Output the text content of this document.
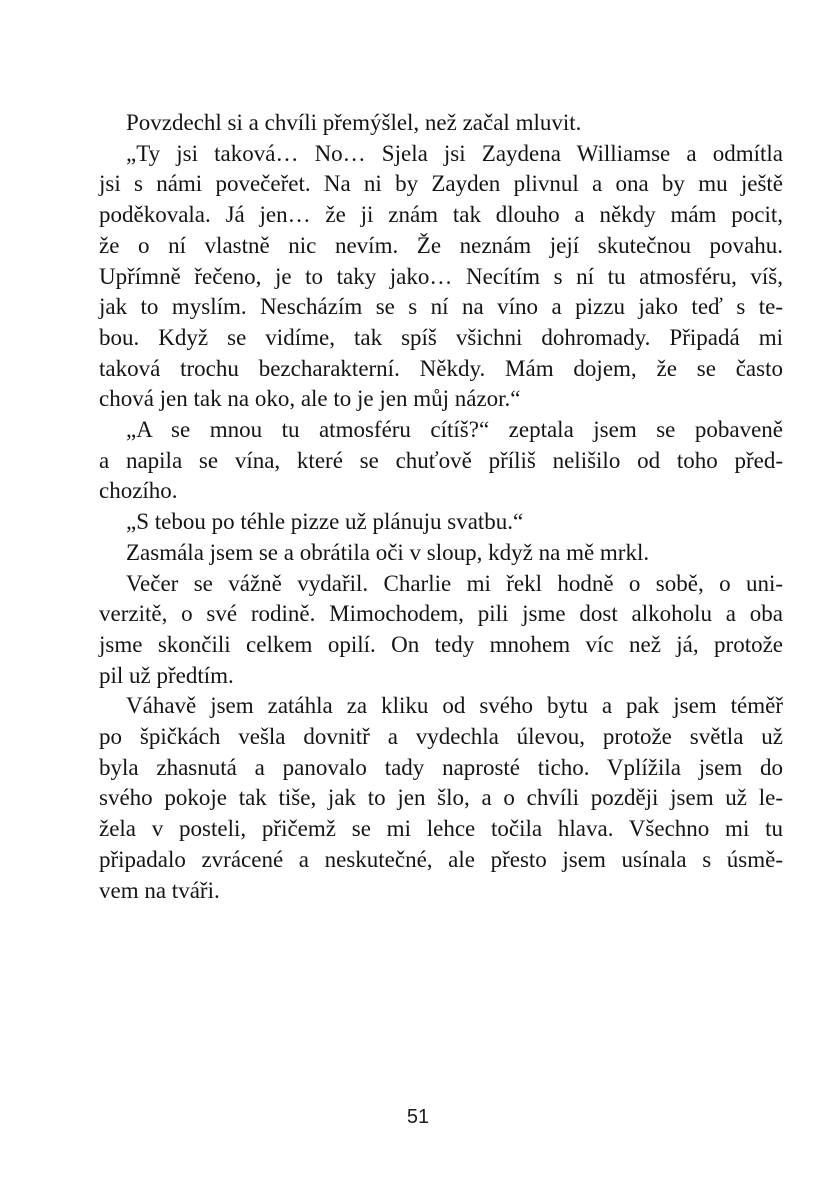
Povzdechl si a chvíli přemýšlel, než začal mluvit.
„Ty jsi taková… No… Sjela jsi Zaydena Williamse a odmítla
jsi s námi povečeřet. Na ni by Zayden plivnul a ona by mu ještě
poděkovala. Já jen… že ji znám tak dlouho a někdy mám pocit,
že o ní vlastně nic nevím. Že neznám její skutečnou povahu.
Upřímně řečeno, je to taky jako… Necítím s ní tu atmosféru, víš,
jak to myslím. Nescházím se s ní na víno a pizzu jako teď s te-
bou. Když se vidíme, tak spíš všichni dohromady. Připadá mi
taková trochu bezcharakterní. Někdy. Mám dojem, že se často
chová jen tak na oko, ale to je jen můj názor.“
„A se mnou tu atmosféru cítíš?“ zeptala jsem se pobaveně
a napila se vína, které se chuťově příliš nelišilo od toho před-
chozího.
„S tebou po téhle pizze už plánuju svatbu.“
Zasmála jsem se a obrátila oči v sloup, když na mě mrkl.
Večer se vážně vydařil. Charlie mi řekl hodně o sobě, o uni-
verzitě, o své rodině. Mimochodem, pili jsme dost alkoholu a oba
jsme skončili celkem opilí. On tedy mnohem víc než já, protože
pil už předtím.
Váhavě jsem zatáhla za kliku od svého bytu a pak jsem téměř
po špičkách vešla dovnitř a vydechla úlevou, protože světla už
byla zhasnutá a panovalo tady naprosté ticho. Vplížila jsem do
svého pokoje tak tiše, jak to jen šlo, a o chvíli později jsem už le-
žela v posteli, přičemž se mi lehce točila hlava. Všechno mi tu
připadalo zvrácené a neskutečné, ale přesto jsem usínala s úsmě-
vem na tváři.
51
